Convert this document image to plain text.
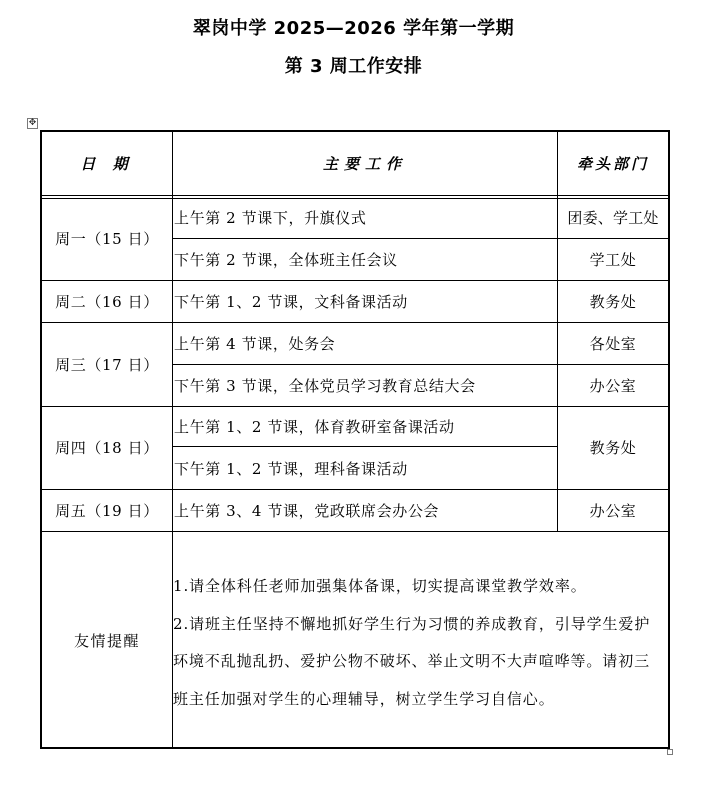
翠岗中学 2025—2026 学年第一学期
第 3 周工作安排
✥
日 期	主要工作	牵头部门
周一（15 日）
周二（16 日）
周三（17 日）
周四（18 日）
周五（19 日）
上午第 2 节课下，升旗仪式
下午第 2 节课，全体班主任会议
下午第 1、2 节课，文科备课活动
上午第 4 节课，处务会
下午第 3 节课，全体党员学习教育总结大会
上午第 1、2 节课，体育教研室备课活动
下午第 1、2 节课，理科备课活动
上午第 3、4 节课，党政联席会办公会
团委、学工处
学工处
教务处
各处室
办公室
教务处
办公室
友情提醒

1.请全体科任老师加强集体备课，切实提高课堂教学效率。

2.请班主任坚持不懈地抓好学生行为习惯的养成教育，引导学生爱护

环境不乱抛乱扔、爱护公物不破坏、举止文明不大声喧哗等。请初三

班主任加强对学生的心理辅导，树立学生学习自信心。
